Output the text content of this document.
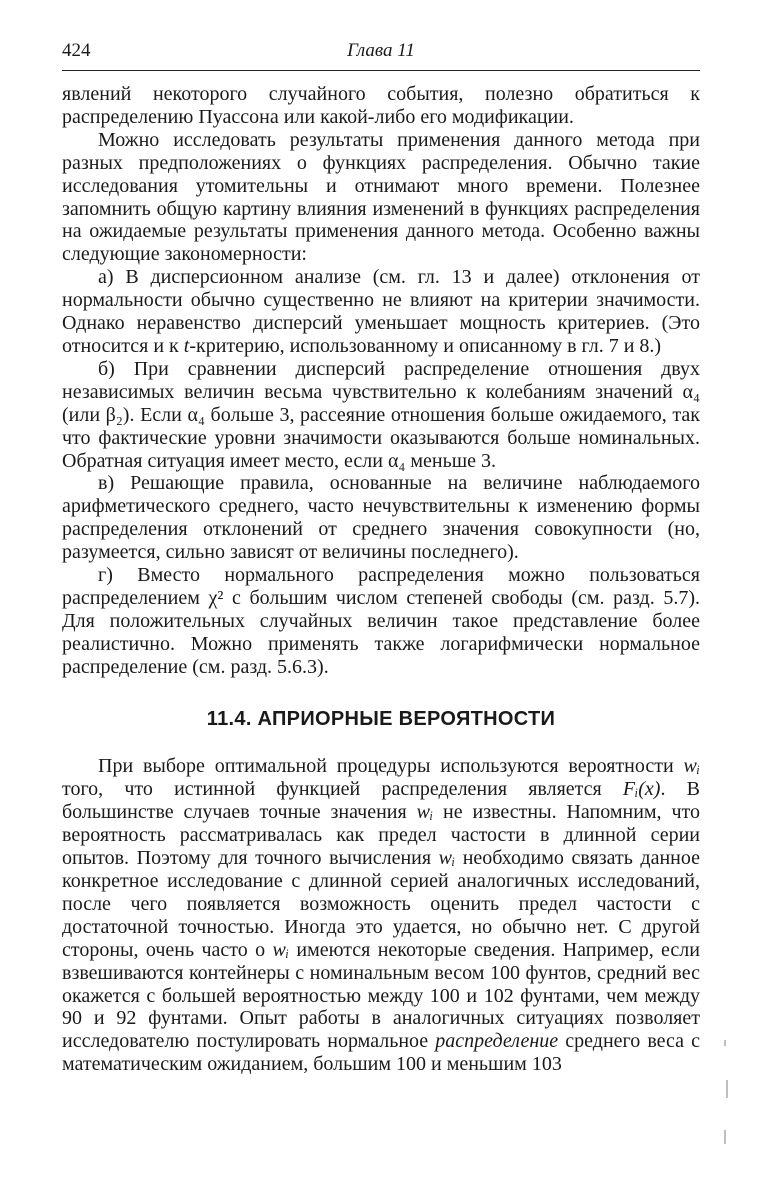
424	Глава 11

явлений некоторого случайного события, полезно обратиться к распределению Пуассона или какой-либо его модификации.

Можно исследовать результаты применения данного метода при разных предположениях о функциях распределения. Обычно такие исследования утомительны и отнимают много времени. Полезнее запомнить общую картину влияния изменений в функциях распределения на ожидаемые результаты применения данного метода. Особенно важны следующие закономерности:

а) В дисперсионном анализе (см. гл. 13 и далее) отклонения от нормальности обычно существенно не влияют на критерии значимости. Однако неравенство дисперсий уменьшает мощность критериев. (Это относится и к t-критерию, использованному и описанному в гл. 7 и 8.)

б) При сравнении дисперсий распределение отношения двух независимых величин весьма чувствительно к колебаниям значений α₄ (или β₂). Если α₄ больше 3, рассеяние отношения больше ожидаемого, так что фактические уровни значимости оказываются больше номинальных. Обратная ситуация имеет место, если α₄ меньше 3.

в) Решающие правила, основанные на величине наблюдаемого арифметического среднего, часто нечувствительны к изменению формы распределения отклонений от среднего значения совокупности (но, разумеется, сильно зависят от величины последнего).

г) Вместо нормального распределения можно пользоваться распределением χ² с большим числом степеней свободы (см. разд. 5.7). Для положительных случайных величин такое представление более реалистично. Можно применять также логарифмически нормальное распределение (см. разд. 5.6.3).

11.4. АПРИОРНЫЕ ВЕРОЯТНОСТИ

При выборе оптимальной процедуры используются вероятности wᵢ того, что истинной функцией распределения является Fᵢ(x). В большинстве случаев точные значения wᵢ не известны. Напомним, что вероятность рассматривалась как предел частости в длинной серии опытов. Поэтому для точного вычисления wᵢ необходимо связать данное конкретное исследование с длинной серией аналогичных исследований, после чего появляется возможность оценить предел частости с достаточной точностью. Иногда это удается, но обычно нет. С другой стороны, очень часто о wᵢ имеются некоторые сведения. Например, если взвешиваются контейнеры с номинальным весом 100 фунтов, средний вес окажется с большей вероятностью между 100 и 102 фунтами, чем между 90 и 92 фунтами. Опыт работы в аналогичных ситуациях позволяет исследователю постулировать нормальное распределение среднего веса с математическим ожиданием, большим 100 и меньшим 103
